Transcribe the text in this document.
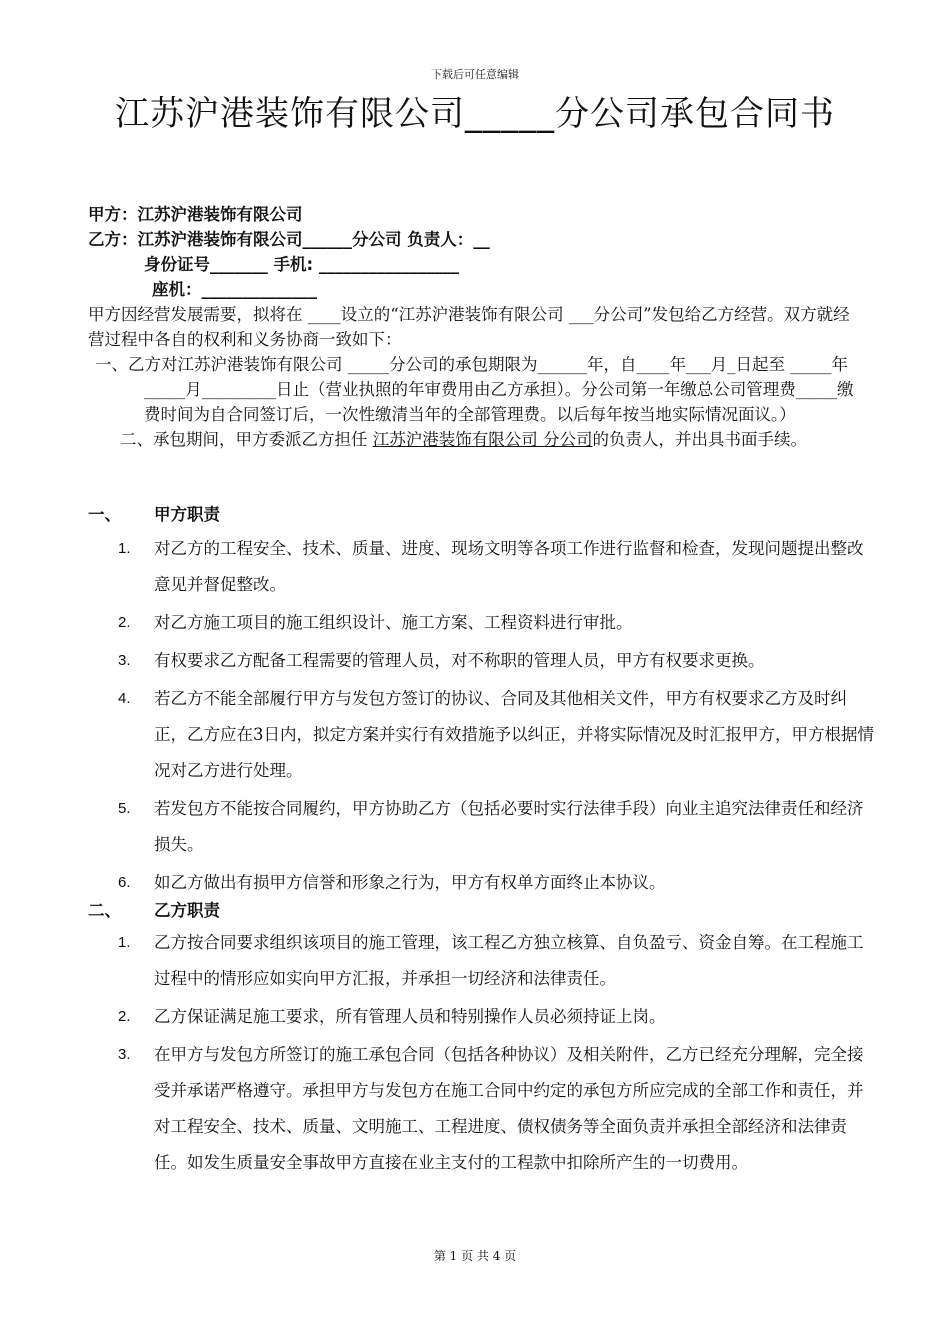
下载后可任意编辑
江苏沪港装饰有限公司_____分公司承包合同书
甲方：江苏沪港装饰有限公司
乙方：江苏沪港装饰有限公司______分公司 负责人：__
身份证号_______ 手机: _________________
座机：______________

甲方因经营发展需要，拟将在 ____设立的“江苏沪港装饰有限公司 ___分公司”发包给乙方经营。双方就经营过程中各自的权利和义务协商一致如下：

一、乙方对江苏沪港装饰有限公司 _____分公司的承包期限为______年，自____年___月_日起至 _____年_____月_________日止（营业执照的年审费用由乙方承担）。分公司第一年缴总公司管理费_____缴费时间为自合同签订后，一次性缴清当年的全部管理费。以后每年按当地实际情况面议。）

二、承包期间，甲方委派乙方担任 江苏沪港装饰有限公司 分公司的负责人，并出具书面手续。

一、 甲方职责
1. 对乙方的工程安全、技术、质量、进度、现场文明等各项工作进行监督和检查，发现问题提出整改意见并督促整改。
2. 对乙方施工项目的施工组织设计、施工方案、工程资料进行审批。
3. 有权要求乙方配备工程需要的管理人员，对不称职的管理人员，甲方有权要求更换。
4. 若乙方不能全部履行甲方与发包方签订的协议、合同及其他相关文件，甲方有权要求乙方及时纠正，乙方应在3日内，拟定方案并实行有效措施予以纠正，并将实际情况及时汇报甲方，甲方根据情况对乙方进行处理。
5. 若发包方不能按合同履约，甲方协助乙方（包括必要时实行法律手段）向业主追究法律责任和经济损失。
6. 如乙方做出有损甲方信誉和形象之行为，甲方有权单方面终止本协议。
二、 乙方职责
1. 乙方按合同要求组织该项目的施工管理，该工程乙方独立核算、自负盈亏、资金自筹。在工程施工过程中的情形应如实向甲方汇报，并承担一切经济和法律责任。
2. 乙方保证满足施工要求，所有管理人员和特别操作人员必须持证上岗。
3. 在甲方与发包方所签订的施工承包合同（包括各种协议）及相关附件，乙方已经充分理解，完全接受并承诺严格遵守。承担甲方与发包方在施工合同中约定的承包方所应完成的全部工作和责任，并对工程安全、技术、质量、文明施工、工程进度、债权债务等全面负责并承担全部经济和法律责任。如发生质量安全事故甲方直接在业主支付的工程款中扣除所产生的一切费用。
第 1 页 共 4 页
